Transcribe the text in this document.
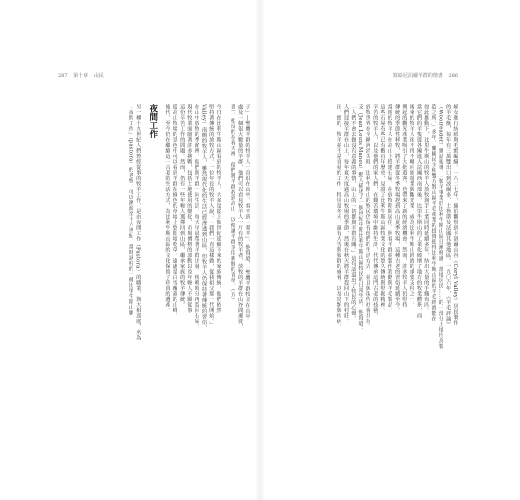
287 第十章 山民
子」—聖鷹羊群的牧羊人一直沿在山中，看不到「羣羊」。他寫道，「聖鷹羊群牧羊在山中
處及一個很大數量的羊群，他們可以看見牧羊人一片有的牧羊者，放牧的羊群在山谷間遷徙，
者）。相反的在春天裡，他們將羊群趕到高山，以便讓羊群享用新鮮的青草。（五）
今日在比利牛斯山區看到的牧羊人，大多是從上個世紀延續下來的家族傳統，他們依然
堅持著傳統的放牧方式。一位年長的牧羊人說：「我們一直這樣做，從我祖父那一代開始。」
Valley）南側的牧羊人，雖然現代化的生活已經滲透到山區，但牧羊人仍保持著傳統的習俗，
在山中放牧的季節裡，他們與羊群一同生活，每天早晨帶著羊群出發，傍晚時分再趕回石屋。
現代牧業面臨著許多挑戰，包括土地使用的變化、市場價格的波動以及年輕人不願從事
這份辛苦工作的問題。然而，仍有一些年輕人選擇回到山區，繼承家族的牧羊傳統。
從高山牧場的景色中可以看到羊群在綠色的草地上悠閒地吃草，遠處是白雪覆蓋的山峰，
後代，至今仍在繼續這一古老的生活方式，為比利牛斯山區的文化保留了珍貴的遺產。
夜間工作
另一種十九世紀人們曾經從事的牧羊工作，是由夜間工作（Pastora）的職業，與大相逕庭，名為
「夜間工作」（pastora）的老牧，可以溯源至十六世紀，當時該村的一種比里牛斯山脈
寫給尼泊爾羊群的情書 286
婦女進行紡紗與毛氈編織。一八二七年，羅伯觀察到卡洛爾山谷（Coryl Valley）居民製作
的羊毛氈，每年有三萬雙出口到波爾多、土魯斯及法國其他地區。一九〇六年，《羊毛評論》
（Woolreader）雜誌報導，「製羊事業於比利牛斯山區日漸興盛，當地居民……的一部分土地均為製
造之所。」多年，蘭國民主和雙方對山區羊毛產業的投資使得比利牛斯山區的羊毛經濟能在
如此推動下，比里牛斯山的牧羊人放牧與手工業同時延續多年，紡出大量的手織布匹。
當它們的羊隻從各國進入法國西南部後，比里牛斯山的工業化破壞了地方的牧業體系，而
後來的牧羊人卻不得不轉向旅遊業與觀光業，成為比利牛斯山經濟的重要支柱之一。
興起的觀光產業吸引了大批遊客，也帶來了新的經濟機會。然而，許多牧羊人仍堅持
傳統的季節性移牧，將羊群從冬季牧場趕到高山夏季牧場，這種古老的習俗延續至今。
當地的牧羊人在高山上搭建石屋，在放牧期間居住，照看羊群並製作乳酪與羊毛製品，
這些石屋有些已有數百年歷史，見證了比利牛斯山區牧業文化的悠久傳統與堅韌精神。
辛苦的牧羊人，以及他們的家人們，在艱苦環境中維持生計，代代傳承這門古老的技藝，
放牧世界在全歐洲消失時，比利牛斯山的牧民仍保有他們的生活方式，並且與現代社會共存。
支（Jean Louis Manou）動人描述了一個世紀中期比利牛斯山區牧民的日常生活，他寫道：
「人們不會去做沒有意義的事情，山上的一切都與羊群有關。」這句話道出了牧民的心聲。
人們迎接羊群在山上，每年夏天度過高山牧場的季節，然後在秋天將羊群趕回山下的村莊。
田，總的，牧羊並不是容易的工作，特別是冬天，還有大雪與狼群的威脅，以及鳥類與疾病。
